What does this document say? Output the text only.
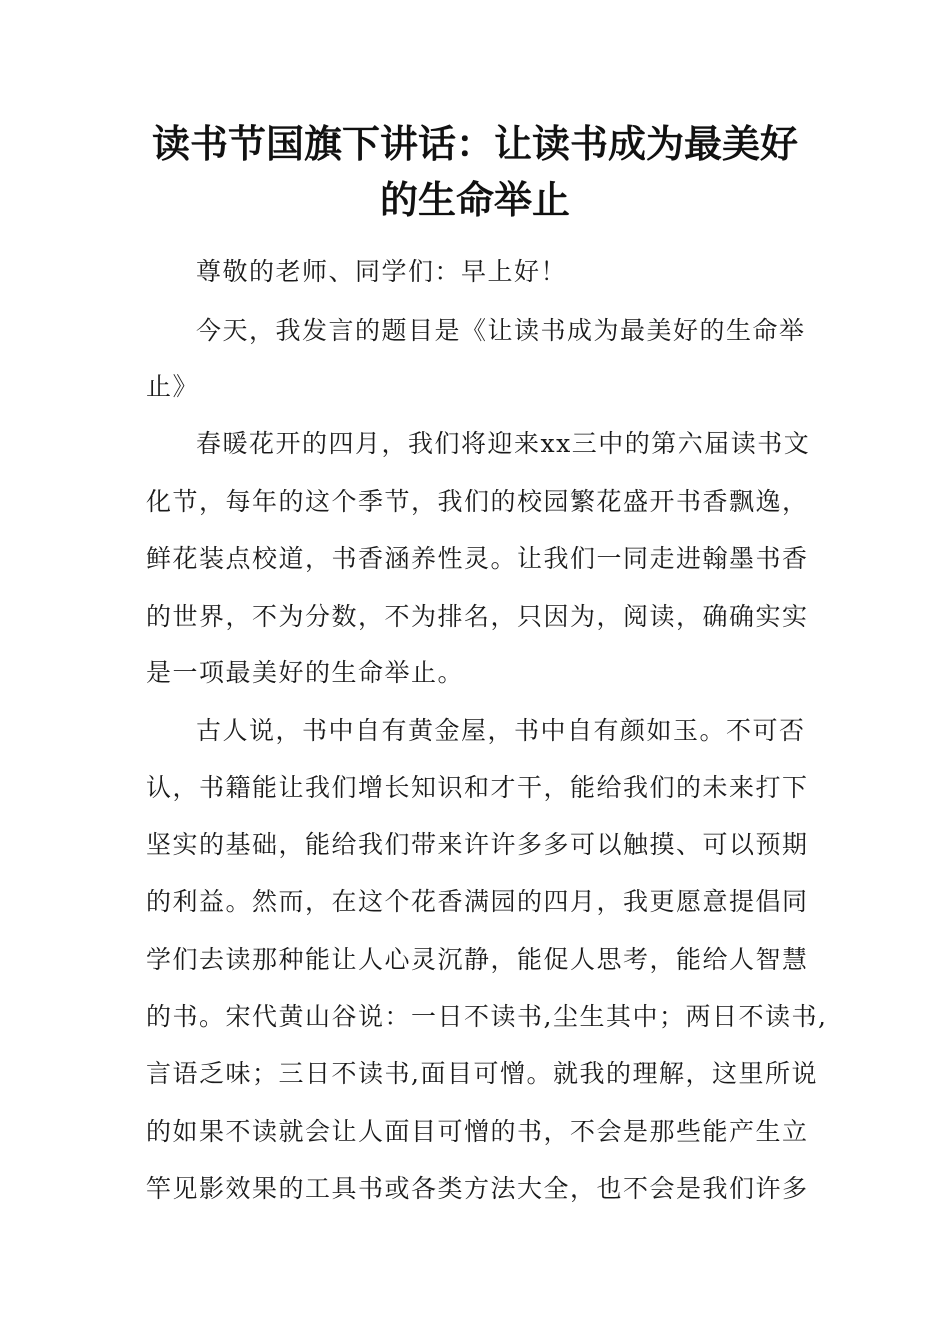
读书节国旗下讲话：让读书成为最美好
的生命举止

尊敬的老师、同学们：早上好！

今天，我发言的题目是《让读书成为最美好的生命举

止》

春暖花开的四月，我们将迎来xx三中的第六届读书文

化节，每年的这个季节，我们的校园繁花盛开书香飘逸，

鲜花装点校道，书香涵养性灵。让我们一同走进翰墨书香

的世界，不为分数，不为排名，只因为，阅读，确确实实

是一项最美好的生命举止。

古人说，书中自有黄金屋，书中自有颜如玉。不可否

认，书籍能让我们增长知识和才干，能给我们的未来打下

坚实的基础，能给我们带来许许多多可以触摸、可以预期

的利益。然而，在这个花香满园的四月，我更愿意提倡同

学们去读那种能让人心灵沉静，能促人思考，能给人智慧

的书。宋代黄山谷说：一日不读书,尘生其中；两日不读书,

言语乏味；三日不读书,面目可憎。就我的理解，这里所说

的如果不读就会让人面目可憎的书，不会是那些能产生立

竿见影效果的工具书或各类方法大全，也不会是我们许多
